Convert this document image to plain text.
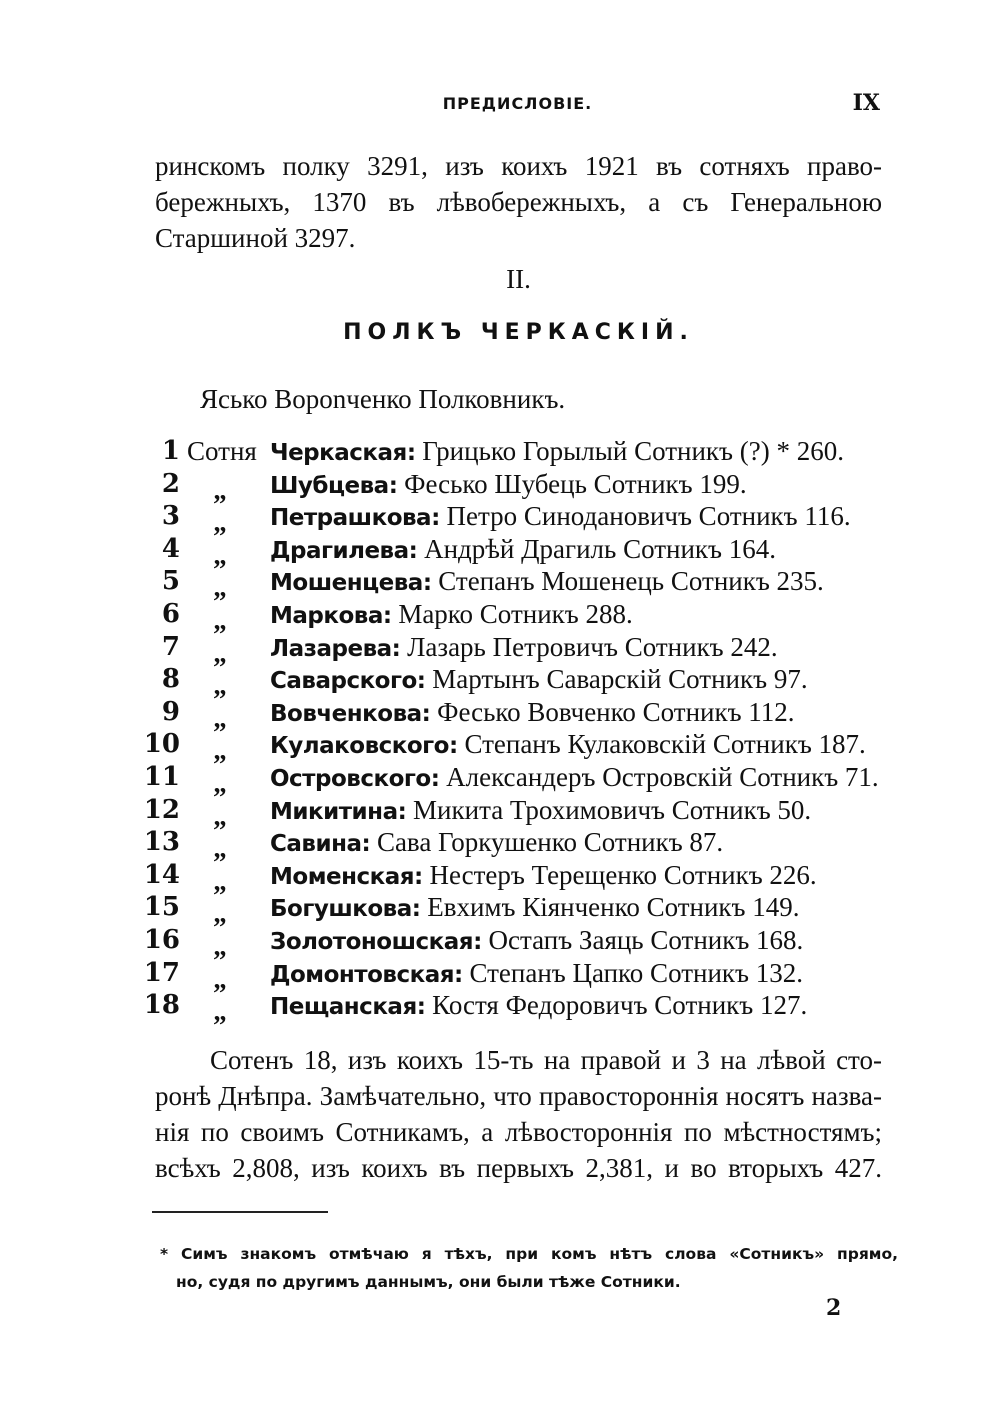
ПРЕДИСЛОВІЕ.	IX
ринскомъ полку 3291, изъ коихъ 1921 въ сотняхъ право-
бережныхъ, 1370 въ лѣвобережныхъ, а съ Генеральною
Старшиной 3297.
II.
ПОЛКЪ ЧЕРКАСКІЙ.
Ясько Ворonченко Полковникъ.
1 Сотня Черкаская: Грицько Горылый Сотникъ (?) * 260.
2	„	Шубцева: Фесько Шубець Сотникъ 199.
3	„	Петрашкова: Петро Синодановичъ Сотникъ 116.
4	„	Драгилева: Андрѣй Драгиль Сотникъ 164.
5	„	Мошенцева: Степанъ Мошенець Сотникъ 235.
6	„	Маркова: Марко Сотникъ 288.
7	„	Лазарева: Лазарь Петровичъ Сотникъ 242.
8	„	Саварского: Мартынъ Саварскій Сотникъ 97.
9	„	Вовченкова: Фесько Вовченко Сотникъ 112.
10	„	Кулаковского: Степанъ Кулаковскій Сотникъ 187.
11	„	Островского: Александеръ Островскій Сотникъ 71.
12	„	Микитина: Микита Трохимовичъ Сотникъ 50.
13	„	Савина: Сава Горкушенко Сотникъ 87.
14	„	Моменская: Нестеръ Терещенко Сотникъ 226.
15	„	Богушкова: Евхимъ Кіянченко Сотникъ 149.
16	„	Золотоношская: Остапъ Заяць Сотникъ 168.
17	„	Домонтовская: Степанъ Цапко Сотникъ 132.
18	„	Пещанская: Костя Федоровичъ Сотникъ 127.
Сотенъ 18, изъ коихъ 15-ть на правой и 3 на лѣвой сто-
ронѣ Днѣпра. Замѣчательно, что правостороннія носятъ назва-
нія по своимъ Сотникамъ, а лѣвостороннія по мѣстностямъ;
всѣхъ 2,808, изъ коихъ въ первыхъ 2,381, и во вторыхъ 427.
* Симъ знакомъ отмѣчаю я тѣхъ, при комъ нѣтъ слова «Сотникъ» прямо,
но, судя по другимъ даннымъ, они были тѣже Сотники.
2
